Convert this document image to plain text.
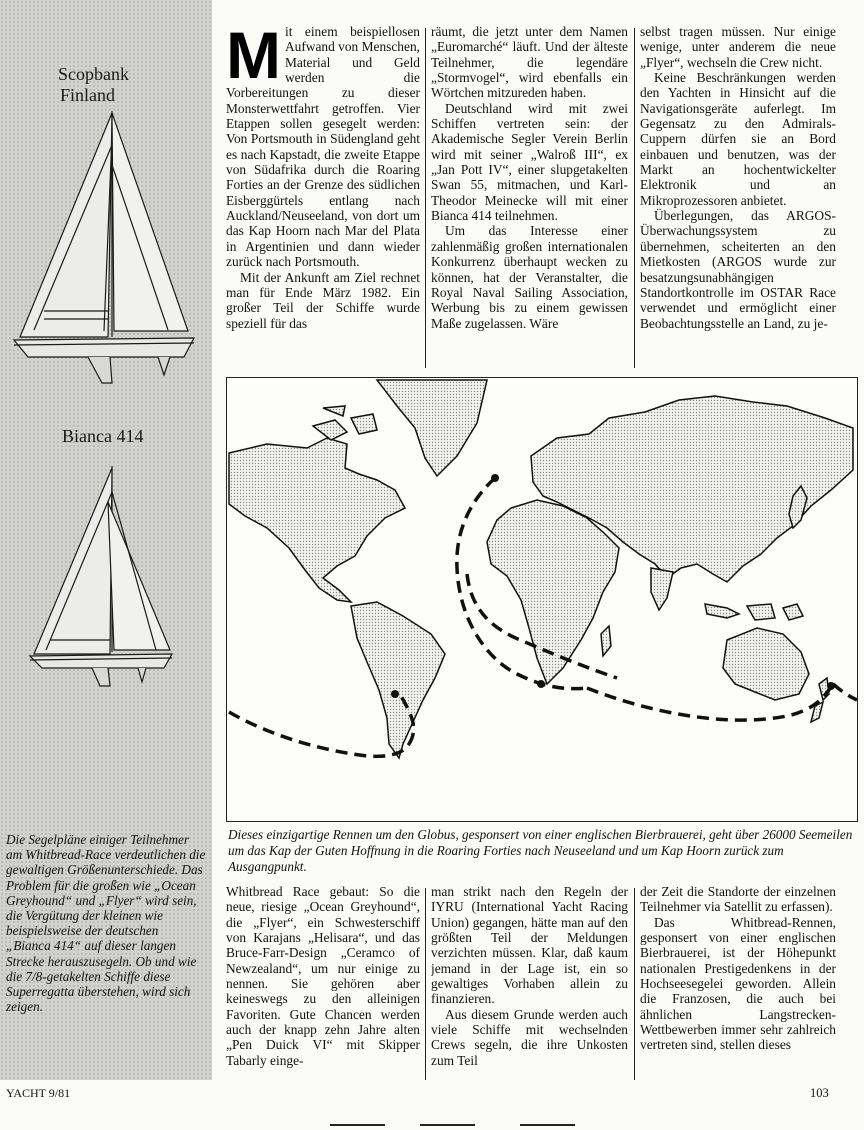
Scopbank
Finland
Bianca 414
Die Segelpläne einiger Teilnehmer am Whitbread-Race verdeutlichen die gewaltigen Größenunterschiede. Das Problem für die großen wie „Ocean Greyhound“ und „Flyer“ wird sein, die Vergütung der kleinen wie beispielsweise der deutschen „Bianca 414“ auf dieser langen Strecke herauszusegeln. Ob und wie die 7/8-getakelten Schiffe diese Superregatta überstehen, wird sich zeigen.
M it einem beispiellosen Aufwand von Menschen, Material und Geld werden die Vorbereitungen zu dieser Monsterwettfahrt getroffen. Vier Etappen sollen gesegelt werden: Von Portsmouth in Südengland geht es nach Kapstadt, die zweite Etappe von Südafrika durch die Roaring Forties an der Grenze des südlichen Eisberggürtels entlang nach Auckland/Neuseeland, von dort um das Kap Hoorn nach Mar del Plata in Argentinien und dann wieder zurück nach Portsmouth.

Mit der Ankunft am Ziel rechnet man für Ende März 1982. Ein großer Teil der Schiffe wurde speziell für das

räumt, die jetzt unter dem Namen „Euromarché“ läuft. Und der älteste Teilnehmer, die legendäre „Stormvogel“, wird ebenfalls ein Wörtchen mitzureden haben.

Deutschland wird mit zwei Schiffen vertreten sein: der Akademische Segler Verein Berlin wird mit seiner „Walroß III“, ex „Jan Pott IV“, einer slupgetakelten Swan 55, mitmachen, und Karl-Theodor Meinecke will mit einer Bianca 414 teilnehmen.

Um das Interesse einer zahlenmäßig großen internationalen Konkurrenz überhaupt wecken zu können, hat der Veranstalter, die Royal Naval Sailing Association, Werbung bis zu einem gewissen Maße zugelassen. Wäre

selbst tragen müssen. Nur einige wenige, unter anderem die neue „Flyer“, wechseln die Crew nicht.

Keine Beschränkungen werden den Yachten in Hinsicht auf die Navigationsgeräte auferlegt. Im Gegensatz zu den Admirals-Cuppern dürfen sie an Bord einbauen und benutzen, was der Markt an hochentwickelter Elektronik und an Mikroprozessoren anbietet.

Überlegungen, das ARGOS-Überwachungssystem zu übernehmen, scheiterten an den Mietkosten (ARGOS wurde zur besatzungsunabhängigen Standortkontrolle im OSTAR Race verwendet und ermöglicht einer Beobachtungsstelle an Land, zu je-

Dieses einzigartige Rennen um den Globus, gesponsert von einer englischen Bierbrauerei, geht über 26000 Seemeilen um das Kap der Guten Hoffnung in die Roaring Forties nach Neuseeland und um Kap Hoorn zurück zum Ausgangpunkt.

Whitbread Race gebaut: So die neue, riesige „Ocean Greyhound“, die „Flyer“, ein Schwesterschiff von Karajans „Helisara“, und das Bruce-Farr-Design „Ceramco of Newzealand“, um nur einige zu nennen. Sie gehören aber keineswegs zu den alleinigen Favoriten. Gute Chancen werden auch der knapp zehn Jahre alten „Pen Duick VI“ mit Skipper Tabarly einge-

man strikt nach den Regeln der IYRU (International Yacht Racing Union) gegangen, hätte man auf den größten Teil der Meldungen verzichten müssen. Klar, daß kaum jemand in der Lage ist, ein so gewaltiges Vorhaben allein zu finanzieren.

Aus diesem Grunde werden auch viele Schiffe mit wechselnden Crews segeln, die ihre Unkosten zum Teil

der Zeit die Standorte der einzelnen Teilnehmer via Satellit zu erfassen).

Das Whitbread-Rennen, gesponsert von einer englischen Bierbrauerei, ist der Höhepunkt nationalen Prestigedenkens in der Hochseesegelei geworden. Allein die Franzosen, die auch bei ähnlichen Langstrecken-Wettbewerben immer sehr zahlreich vertreten sind, stellen dieses

YACHT 9/81	103
